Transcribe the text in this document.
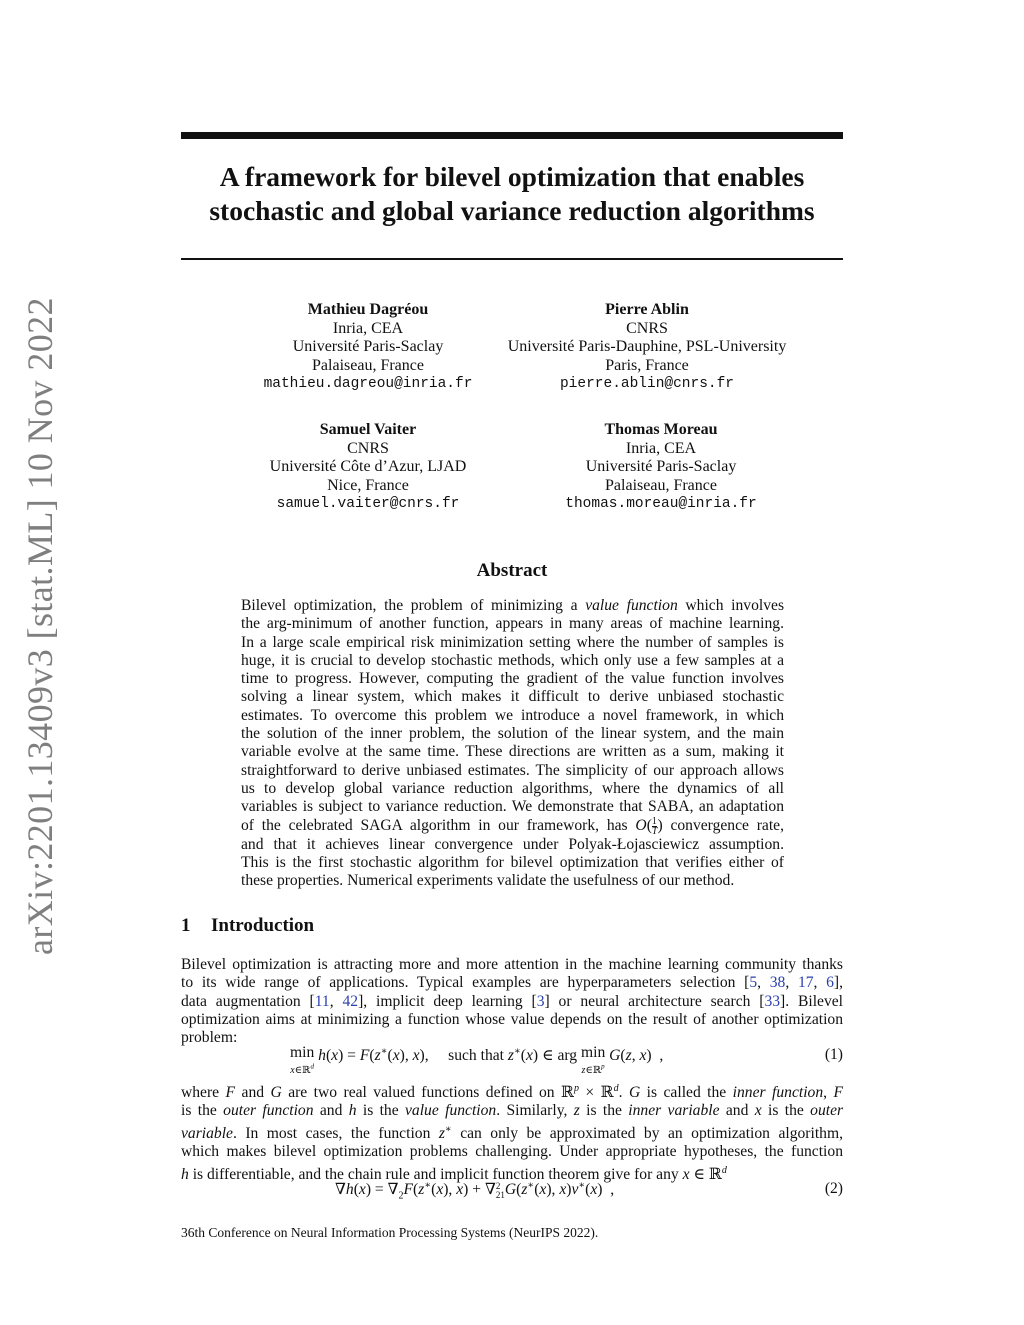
arXiv:2201.13409v3 [stat.ML] 10 Nov 2022
A framework for bilevel optimization that enables
stochastic and global variance reduction algorithms
Mathieu Dagréou
Inria, CEA
Université Paris-Saclay
Palaiseau, France
mathieu.dagreou@inria.fr
Pierre Ablin
CNRS
Université Paris-Dauphine, PSL-University
Paris, France
pierre.ablin@cnrs.fr
Samuel Vaiter
CNRS
Université Côte d’Azur, LJAD
Nice, France
samuel.vaiter@cnrs.fr
Thomas Moreau
Inria, CEA
Université Paris-Saclay
Palaiseau, France
thomas.moreau@inria.fr
Abstract
Bilevel optimization, the problem of minimizing a value function which involves
the arg-minimum of another function, appears in many areas of machine learning.
In a large scale empirical risk minimization setting where the number of samples is
huge, it is crucial to develop stochastic methods, which only use a few samples at a
time to progress. However, computing the gradient of the value function involves
solving a linear system, which makes it difficult to derive unbiased stochastic
estimates. To overcome this problem we introduce a novel framework, in which
the solution of the inner problem, the solution of the linear system, and the main
variable evolve at the same time. These directions are written as a sum, making it
straightforward to derive unbiased estimates. The simplicity of our approach allows
us to develop global variance reduction algorithms, where the dynamics of all
variables is subject to variance reduction. We demonstrate that SABA, an adaptation
of the celebrated SAGA algorithm in our framework, has $O( \frac{1}{T})$ convergence rate,
and that it achieves linear convergence under Polyak-Łojasciewicz assumption.
This is the first stochastic algorithm for bilevel optimization that verifies either of
these properties. Numerical experiments validate the usefulness of our method.
1 Introduction
Bilevel optimization is attracting more and more attention in the machine learning community thanks
to its wide range of applications. Typical examples are hyperparameters selection [5, 38, 17, 6],
data augmentation [11, 42], implicit deep learning [3] or neural architecture search [33]. Bilevel
optimization aims at minimizing a function whose value depends on the result of another optimization
problem:
min
x∈ℝ$^d$ h(x) = F(z∗(x), x),     such that z∗(x) ∈ arg min
z∈ℝ$^p$ G(z, x)  ,	(1)
where F and G are two real valued functions defined on ℝ$^p$ × ℝ$^d$. G is called the inner function, F
is the outer function and h is the value function. Similarly, z is the inner variable and x is the outer
variable. In most cases, the function z∗ can only be approximated by an optimization algorithm,
which makes bilevel optimization problems challenging. Under appropriate hypotheses, the function
h is differentiable, and the chain rule and implicit function theorem give for any x ∈ ℝ$^d$
$\nabla h(x) = \nabla_2F(z^∗(x)$, x) + ∇2
21G(z∗(x), x)v∗(x)  ,	(2)
36th Conference on Neural Information Processing Systems (NeurIPS 2022).
